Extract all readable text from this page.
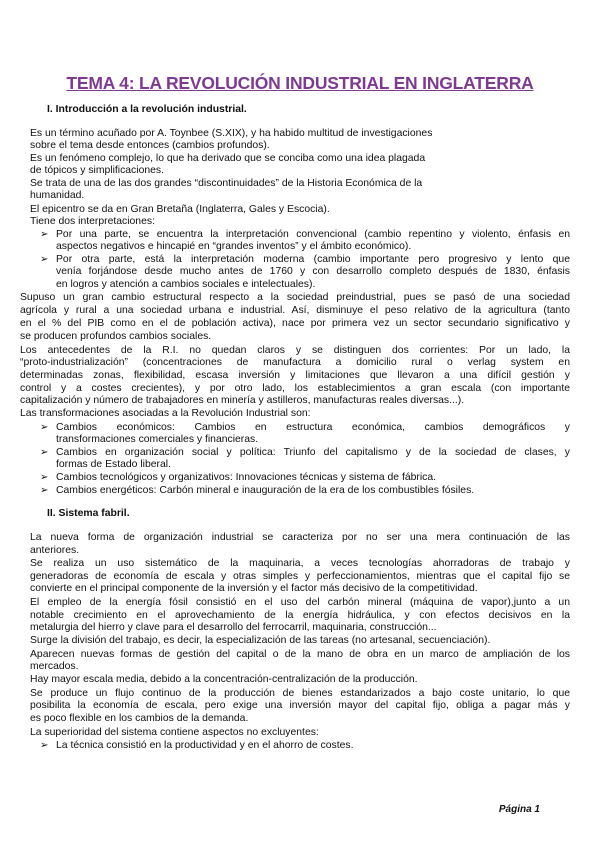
TEMA 4: LA REVOLUCIÓN INDUSTRIAL EN INGLATERRA
I. Introducción a la revolución industrial.
Es un término acuñado por A. Toynbee (S.XIX), y ha habido multitud de investigaciones
sobre el tema desde entonces (cambios profundos).
Es un fenómeno complejo, lo que ha derivado que se conciba como una idea plagada
de tópicos y simplificaciones.
Se trata de una de las dos grandes “discontinuidades” de la Historia Económica de la
humanidad.
El epicentro se da en Gran Bretaña (Inglaterra, Gales y Escocia).
Tiene dos interpretaciones:
➢ Por una parte, se encuentra la interpretación convencional (cambio repentino y violento, énfasis en
aspectos negativos e hincapié en “grandes inventos” y el ámbito económico).
➢ Por otra parte, está la interpretación moderna (cambio importante pero progresivo y lento que
venía forjándose desde mucho antes de 1760 y con desarrollo completo después de 1830, énfasis
en logros y atención a cambios sociales e intelectuales).
Supuso un gran cambio estructural respecto a la sociedad preindustrial, pues se pasó de una sociedad
agrícola y rural a una sociedad urbana e industrial. Así, disminuye el peso relativo de la agricultura (tanto
en el % del PIB como en el de población activa), nace por primera vez un sector secundario significativo y
se producen profundos cambios sociales.
Los antecedentes de la R.I. no quedan claros y se distinguen dos corrientes: Por un lado, la
“proto-industrialización” (concentraciones de manufactura a domicilio rural o verlag system en
determinadas zonas, flexibilidad, escasa inversión y limitaciones que llevaron a una difícil gestión y
control y a costes crecientes), y por otro lado, los establecimientos a gran escala (con importante
capitalización y número de trabajadores en minería y astilleros, manufacturas reales diversas...).
Las transformaciones asociadas a la Revolución Industrial son:
➢ Cambios económicos: Cambios en estructura económica, cambios demográficos y
transformaciones comerciales y financieras.
➢ Cambios en organización social y política: Triunfo del capitalismo y de la sociedad de clases, y
formas de Estado liberal.
➢ Cambios tecnológicos y organizativos: Innovaciones técnicas y sistema de fábrica.
➢ Cambios energéticos: Carbón mineral e inauguración de la era de los combustibles fósiles.
II. Sistema fabril.
La nueva forma de organización industrial se caracteriza por no ser una mera continuación de las
anteriores.
Se realiza un uso sistemático de la maquinaria, a veces tecnologías ahorradoras de trabajo y
generadoras de economía de escala y otras simples y perfeccionamientos, mientras que el capital fijo se
convierte en el principal componente de la inversión y el factor más decisivo de la competitividad.
El empleo de la energía fósil consistió en el uso del carbón mineral (máquina de vapor),junto a un
notable crecimiento en el aprovechamiento de la energía hidráulica, y con efectos decisivos en la
metalurgia del hierro y clave para el desarrollo del ferrocarril, maquinaria, construcción...
Surge la división del trabajo, es decir, la especialización de las tareas (no artesanal, secuenciación).
Aparecen nuevas formas de gestión del capital o de la mano de obra en un marco de ampliación de los
mercados.
Hay mayor escala media, debido a la concentración-centralización de la producción.
Se produce un flujo continuo de la producción de bienes estandarizados a bajo coste unitario, lo que
posibilita la economía de escala, pero exige una inversión mayor del capital fijo, obliga a pagar más y
es poco flexible en los cambios de la demanda.
La superioridad del sistema contiene aspectos no excluyentes:
➢ La técnica consistió en la productividad y en el ahorro de costes.
Página 1
